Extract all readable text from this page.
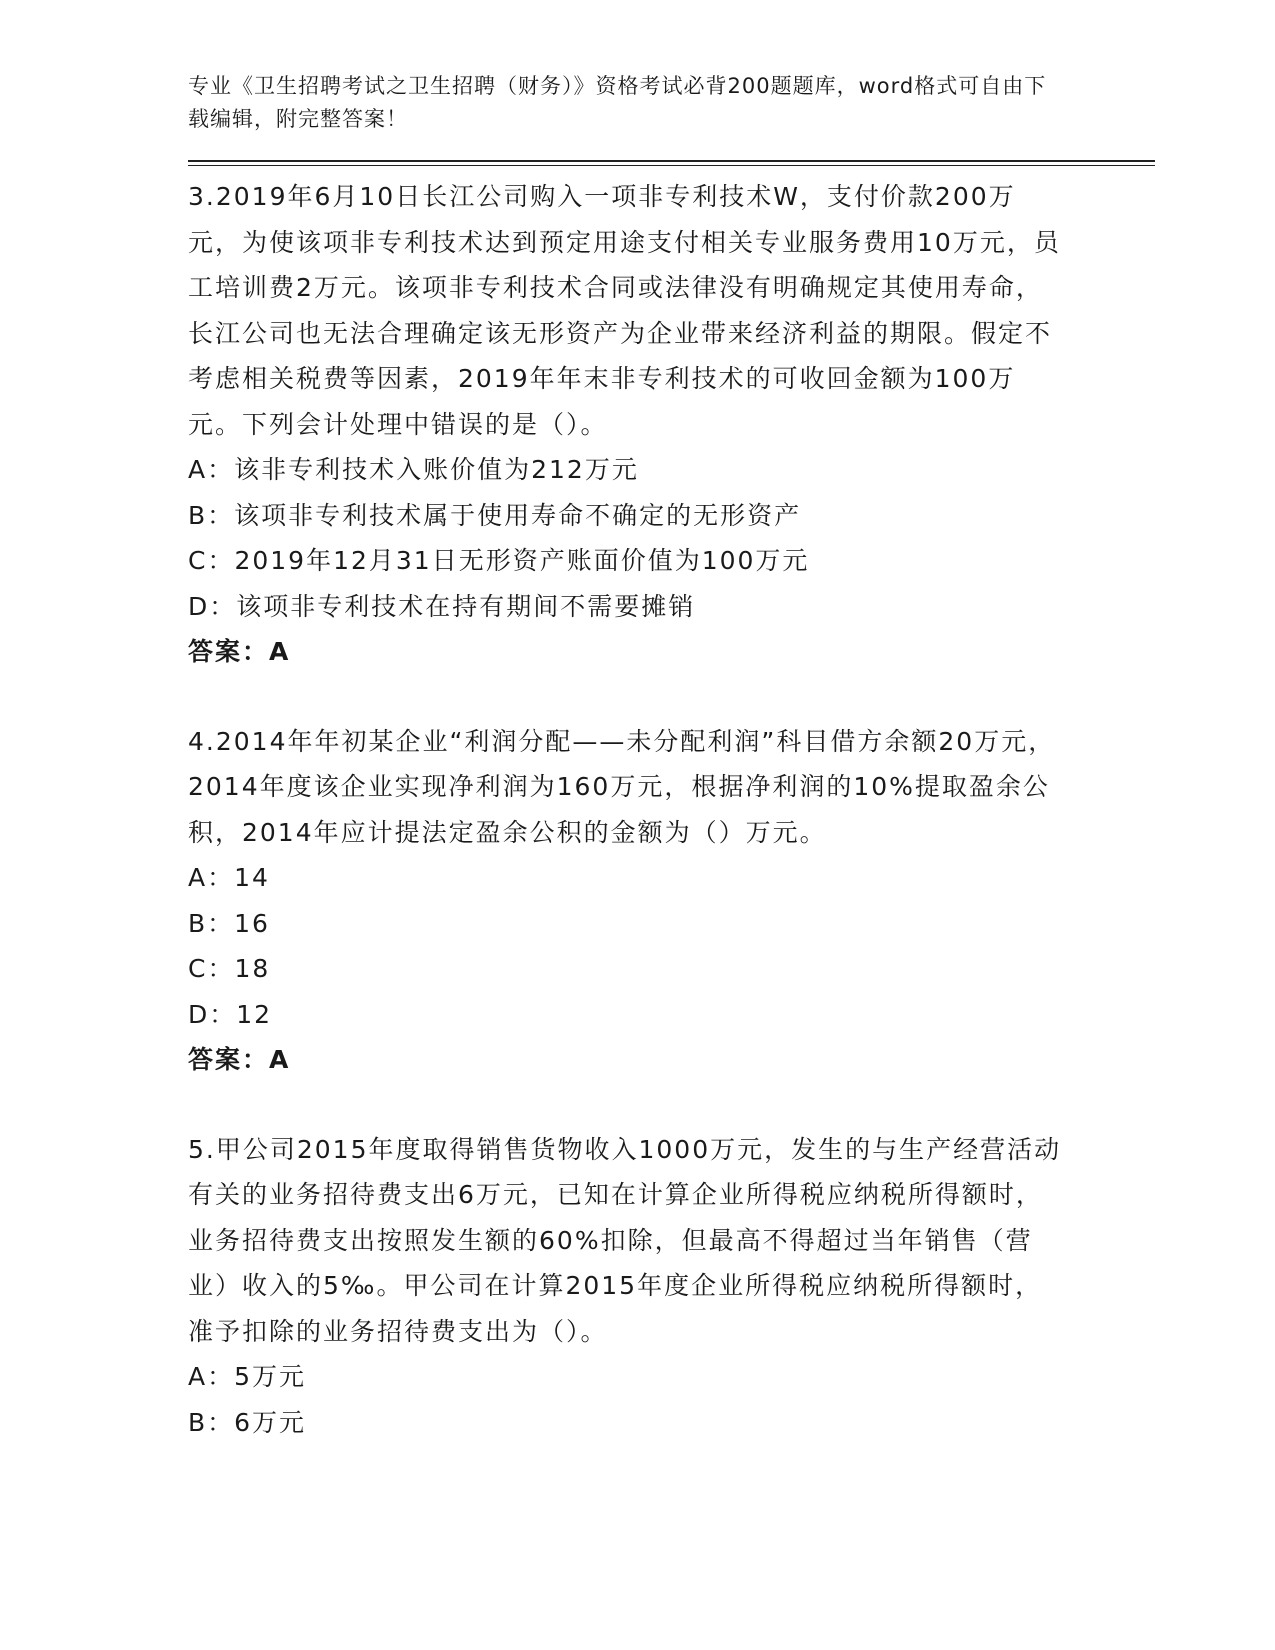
专业《卫生招聘考试之卫生招聘（财务）》资格考试必背200题题库，word格式可自由下载编辑，附完整答案！

3.2019年6月10日长江公司购入一项非专利技术W，支付价款200万元，为使该项非专利技术达到预定用途支付相关专业服务费用10万元，员工培训费2万元。该项非专利技术合同或法律没有明确规定其使用寿命，长江公司也无法合理确定该无形资产为企业带来经济利益的期限。假定不考虑相关税费等因素，2019年年末非专利技术的可收回金额为100万元。下列会计处理中错误的是（）。

A：该非专利技术入账价值为212万元

B：该项非专利技术属于使用寿命不确定的无形资产

C：2019年12月31日无形资产账面价值为100万元

D：该项非专利技术在持有期间不需要摊销

答案：A

4.2014年年初某企业“利润分配——未分配利润”科目借方余额20万元，2014年度该企业实现净利润为160万元，根据净利润的10%提取盈余公积，2014年应计提法定盈余公积的金额为（）万元。

A：14

B：16

C：18

D：12

答案：A

5.甲公司2015年度取得销售货物收入1000万元，发生的与生产经营活动有关的业务招待费支出6万元，已知在计算企业所得税应纳税所得额时，业务招待费支出按照发生额的60%扣除，但最高不得超过当年销售（营业）收入的5‰。甲公司在计算2015年度企业所得税应纳税所得额时，准予扣除的业务招待费支出为（）。

A：5万元

B：6万元
